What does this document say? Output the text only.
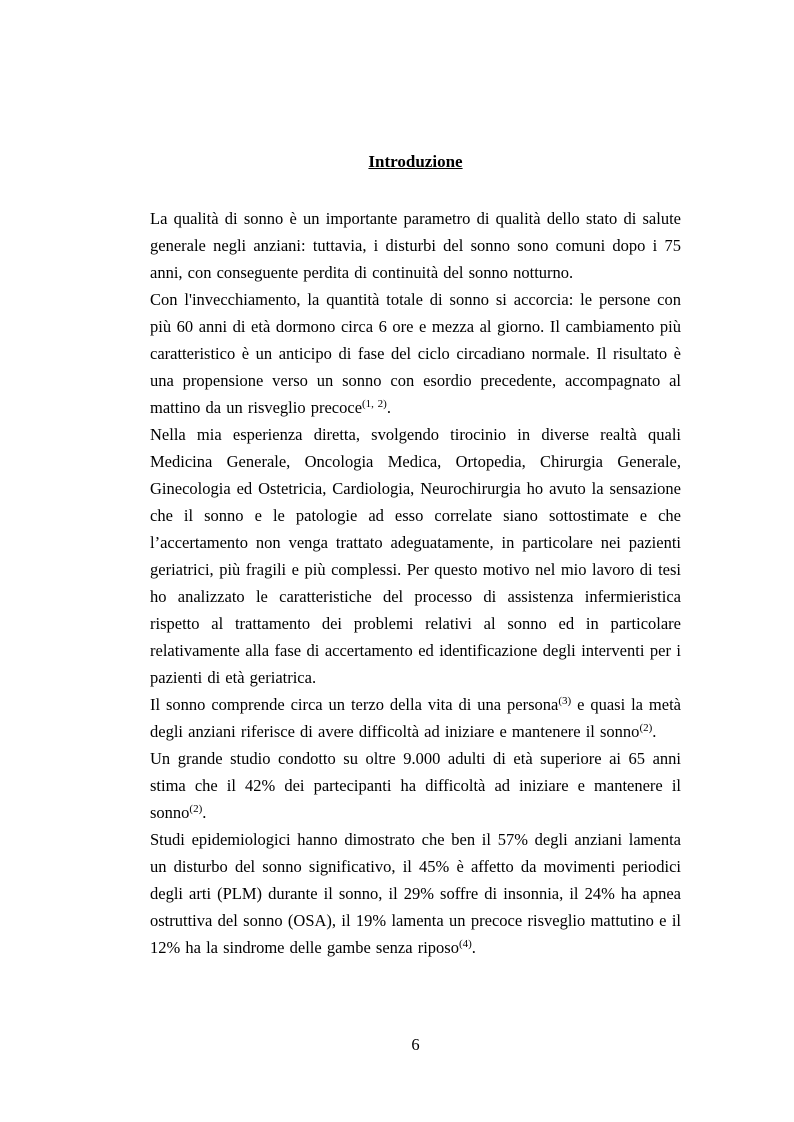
Introduzione

La qualità di sonno è un importante parametro di qualità dello stato di salute generale negli anziani: tuttavia, i disturbi del sonno sono comuni dopo i 75 anni, con conseguente perdita di continuità del sonno notturno.

Con l'invecchiamento, la quantità totale di sonno si accorcia: le persone con più 60 anni di età dormono circa 6 ore e mezza al giorno. Il cambiamento più caratteristico è un anticipo di fase del ciclo circadiano normale. Il risultato è una propensione verso un sonno con esordio precedente, accompagnato al mattino da un risveglio precoce$^{(1, 2)}$.

Nella mia esperienza diretta, svolgendo tirocinio in diverse realtà quali Medicina Generale, Oncologia Medica, Ortopedia, Chirurgia Generale, Ginecologia ed Ostetricia, Cardiologia, Neurochirurgia ho avuto la sensazione che il sonno e le patologie ad esso correlate siano sottostimate e che l’accertamento non venga trattato adeguatamente, in particolare nei pazienti geriatrici, più fragili e più complessi. Per questo motivo nel mio lavoro di tesi ho analizzato le caratteristiche del processo di assistenza infermieristica rispetto al trattamento dei problemi relativi al sonno ed in particolare relativamente alla fase di accertamento ed identificazione degli interventi per i pazienti di età geriatrica.

Il sonno comprende circa un terzo della vita di una persona$^{(3)}$ e quasi la metà degli anziani riferisce di avere difficoltà ad iniziare e mantenere il sonno$^{(2)}$.

Un grande studio condotto su oltre 9.000 adulti di età superiore ai 65 anni stima che il 42% dei partecipanti ha difficoltà ad iniziare e mantenere il sonno$^{(2)}$.

Studi epidemiologici hanno dimostrato che ben il 57% degli anziani lamenta un disturbo del sonno significativo, il 45% è affetto da movimenti periodici degli arti (PLM) durante il sonno, il 29% soffre di insonnia, il 24% ha apnea ostruttiva del sonno (OSA), il 19% lamenta un precoce risveglio mattutino e il 12% ha la sindrome delle gambe senza riposo$^{(4)}$.

6
